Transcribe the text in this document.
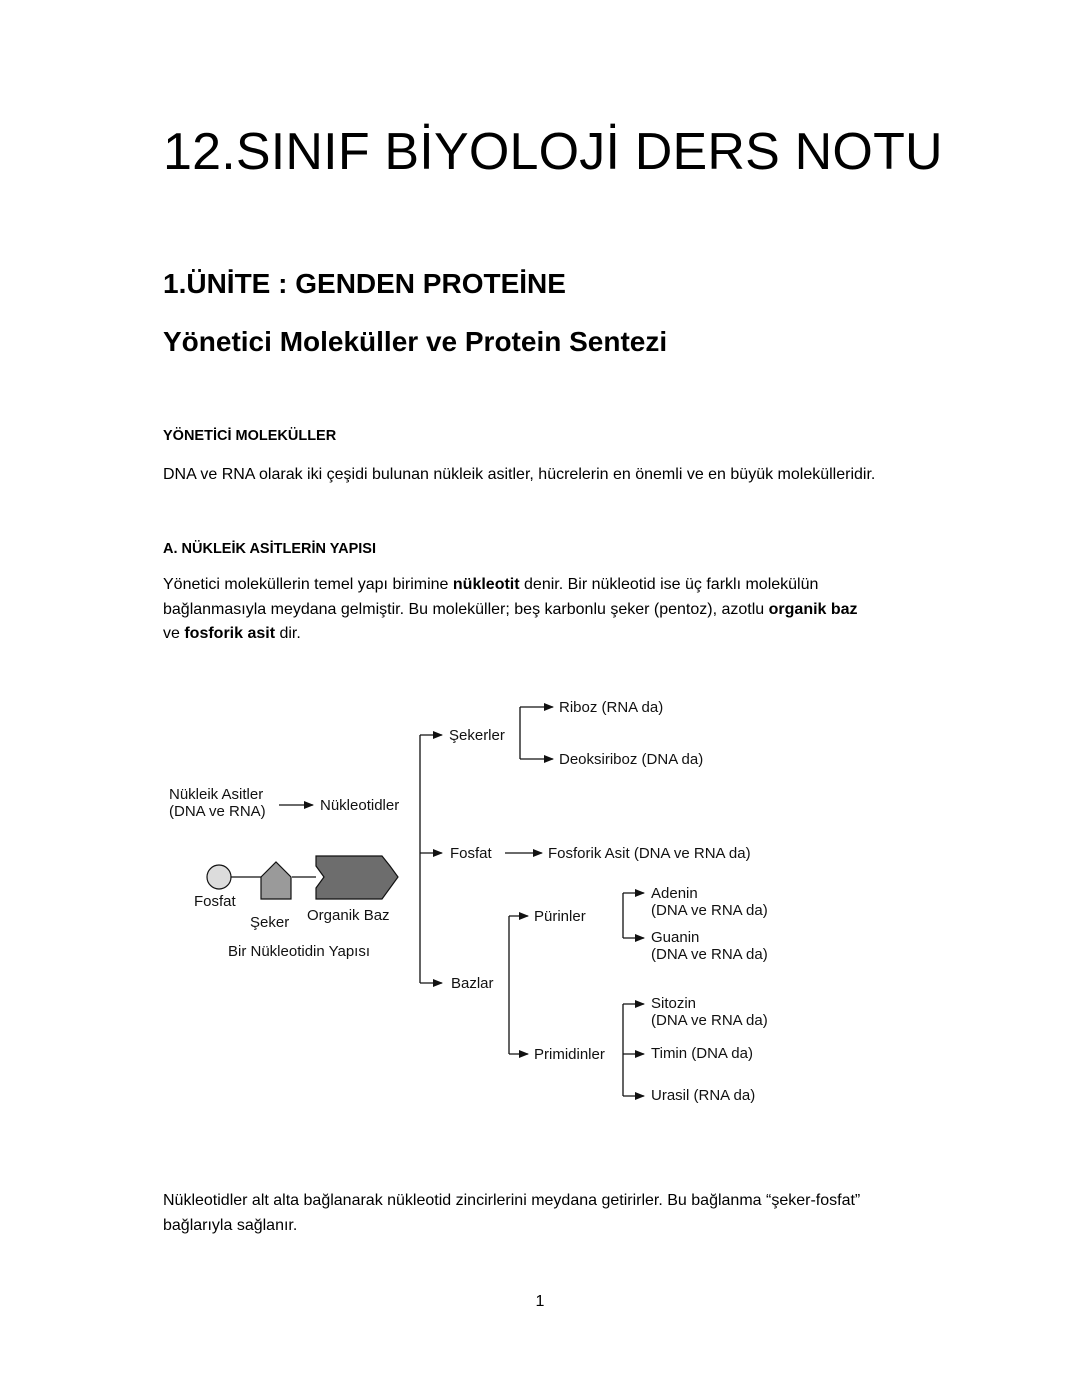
12.SINIF BİYOLOJİ DERS NOTU
1.ÜNİTE : GENDEN PROTEİNE
Yönetici Moleküller ve Protein Sentezi
YÖNETİCİ MOLEKÜLLER

DNA ve RNA olarak iki çeşidi bulunan nükleik asitler, hücrelerin en önemli ve en büyük molekülleridir.

A. NÜKLEİK ASİTLERİN YAPISI

Yönetici moleküllerin temel yapı birimine nükleotit denir. Bir nükleotid ise üç farklı molekülün bağlanmasıyla meydana gelmiştir. Bu moleküller; beş karbonlu şeker (pentoz), azotlu organik baz ve fosforik asit dir.

Nükleik Asitler
(DNA ve RNA)	Nükleotidler
Şekerler
Riboz (RNA da)
Deoksiriboz (DNA da)
Fosfat	Fosforik Asit (DNA ve RNA da)
Bazlar
Pürinler
Adenin
(DNA ve RNA da)
Guanin
(DNA ve RNA da)
Primidinler
Sitozin
(DNA ve RNA da)
Timin (DNA da)
Urasil (RNA da)
Fosfat
Şeker Organik Baz
Bir Nükleotidin Yapısı

Nükleotidler alt alta bağlanarak nükleotid zincirlerini meydana getirirler. Bu bağlanma “şeker-fosfat” bağlarıyla sağlanır.

1
